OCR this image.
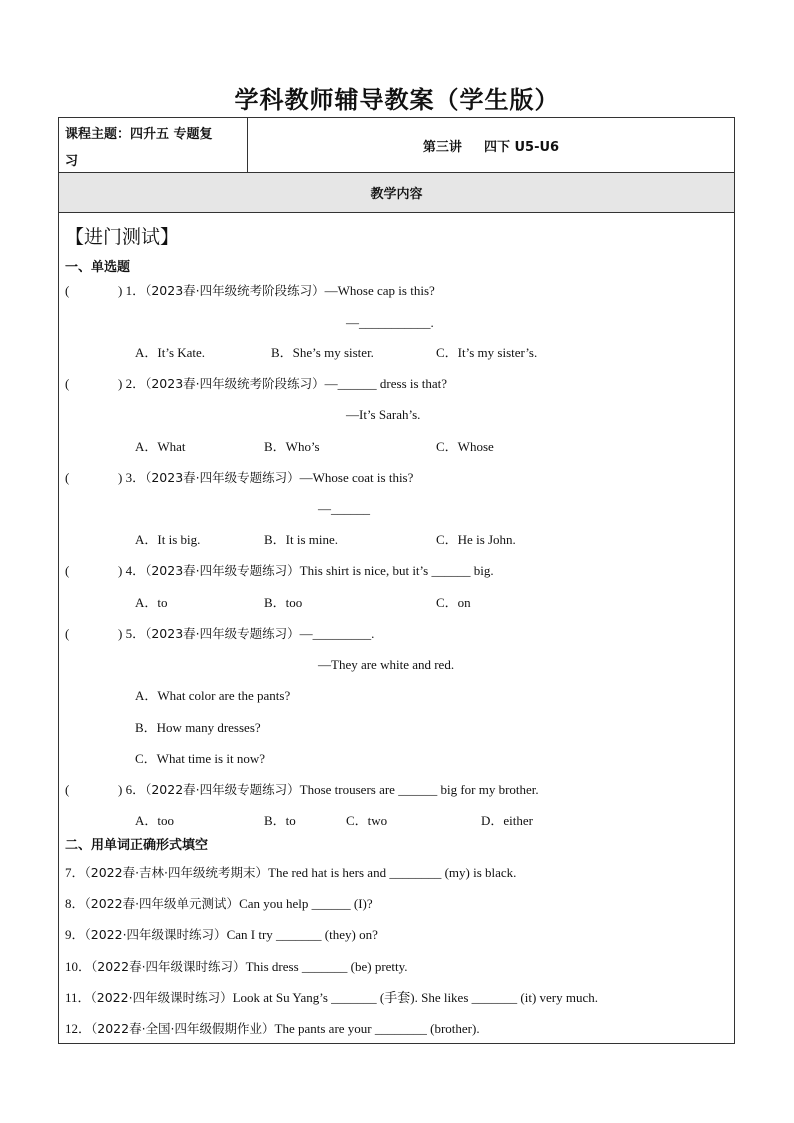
学科教师辅导教案（学生版）
课程主题：四升五 专题复
习
第三讲 四下 U5-U6
教学内容
【进门测试】
一、单选题
(	) 1．（2023春·四年级统考阶段练习）—Whose cap is this?
—___________.
A．It’s Kate.	B．She’s my sister.	C．It’s my sister’s.
(	) 2．（2023春·四年级统考阶段练习）—______ dress is that?
—It’s Sarah’s.
A．What	B．Who’s	C．Whose
(	) 3．（2023春·四年级专题练习）—Whose coat is this?
—______
A．It is big.	B．It is mine.	C．He is John.
(	) 4．（2023春·四年级专题练习）This shirt is nice, but it’s ______ big.
A．to	B．too	C．on
(	) 5．（2023春·四年级专题练习）—_________.
—They are white and red.
A．What color are the pants?
B．How many dresses?
C．What time is it now?
(	) 6．（2022春·四年级专题练习）Those trousers are ______ big for my brother.
A．too	B．to	C．two	D．either
二、用单词正确形式填空
7．（2022春·吉林·四年级统考期末）The red hat is hers and ________ (my) is black.
8．（2022春·四年级单元测试）Can you help ______ (I)?
9．（2022·四年级课时练习）Can I try _______ (they) on?
10．（2022春·四年级课时练习）This dress _______ (be) pretty.
11．（2022·四年级课时练习）Look at Su Yang’s _______ (手套). She likes _______ (it) very much.
12．（2022春·全国·四年级假期作业）The pants are your ________ (brother).
